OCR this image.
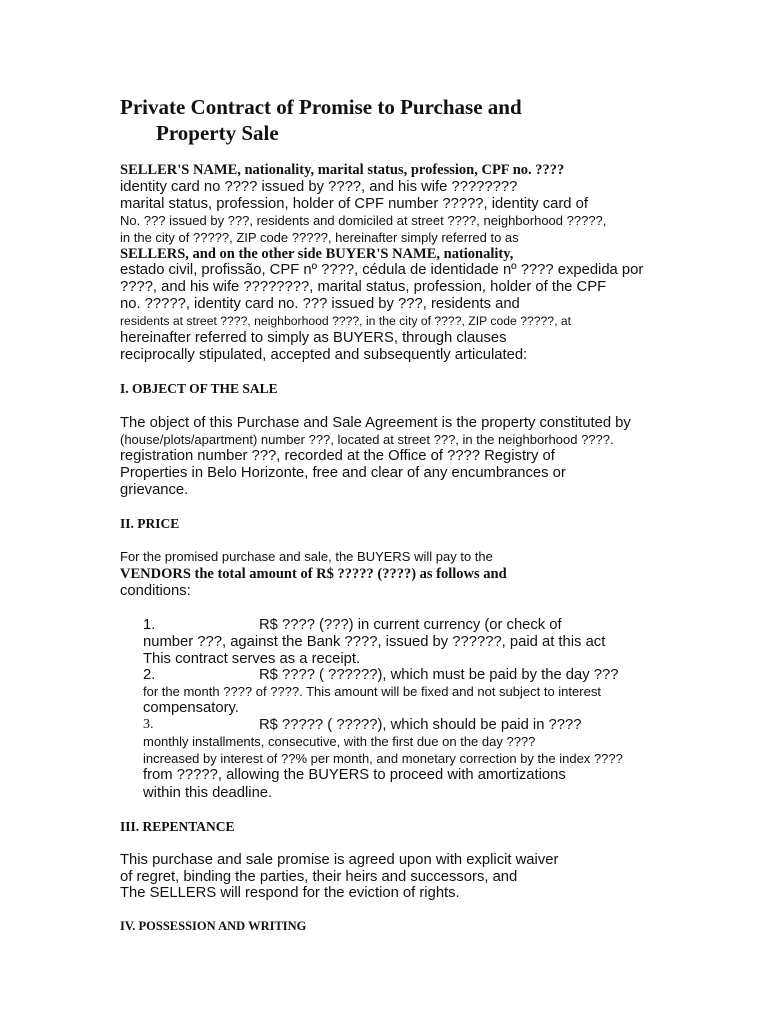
Private Contract of Promise to Purchase and
Property Sale
SELLER'S NAME, nationality, marital status, profession, CPF no. ????
identity card no ???? issued by ????, and his wife ????????
marital status, profession, holder of CPF number ?????, identity card of
No. ??? issued by ???, residents and domiciled at street ????, neighborhood ?????,
in the city of ?????, ZIP code ?????, hereinafter simply referred to as
SELLERS, and on the other side BUYER'S NAME, nationality,
estado civil, profissão, CPF nº ????, cédula de identidade nº ???? expedida por
????, and his wife ????????, marital status, profession, holder of the CPF
no. ?????, identity card no. ??? issued by ???, residents and
residents at street ????, neighborhood ????, in the city of ????, ZIP code ?????, at
hereinafter referred to simply as BUYERS, through clauses
reciprocally stipulated, accepted and subsequently articulated:
I. OBJECT OF THE SALE
The object of this Purchase and Sale Agreement is the property constituted by
(house/plots/apartment) number ???, located at street ???, in the neighborhood ????.
registration number ???, recorded at the Office of ???? Registry of
Properties in Belo Horizonte, free and clear of any encumbrances or
grievance.
II. PRICE
For the promised purchase and sale, the BUYERS will pay to the
VENDORS the total amount of R$ ????? (????) as follows and
conditions:
1.	R$ ???? (???) in current currency (or check of
number ???, against the Bank ????, issued by ??????, paid at this act
This contract serves as a receipt.
2.	R$ ???? ( ??????), which must be paid by the day ???
for the month ???? of ????. This amount will be fixed and not subject to interest
compensatory.
3.	R$ ????? ( ?????), which should be paid in ????
monthly installments, consecutive, with the first due on the day ????
increased by interest of ??% per month, and monetary correction by the index ????
from ?????, allowing the BUYERS to proceed with amortizations
within this deadline.
III. REPENTANCE
This purchase and sale promise is agreed upon with explicit waiver
of regret, binding the parties, their heirs and successors, and
The SELLERS will respond for the eviction of rights.
IV. POSSESSION AND WRITING
